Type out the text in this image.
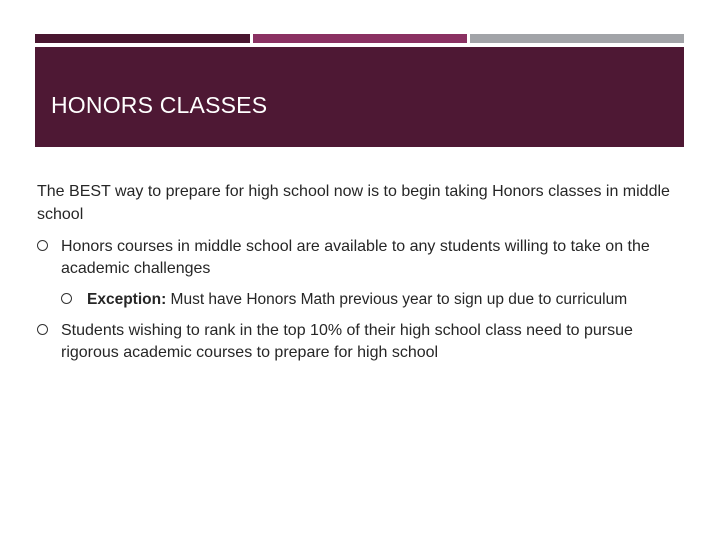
HONORS CLASSES

The BEST way to prepare for high school now is to begin taking Honors classes in middle school

Honors courses in middle school are available to any students willing to take on the academic challenges
Exception: Must have Honors Math previous year to sign up due to curriculum
Students wishing to rank in the top 10% of their high school class need to pursue rigorous academic courses to prepare for high school
